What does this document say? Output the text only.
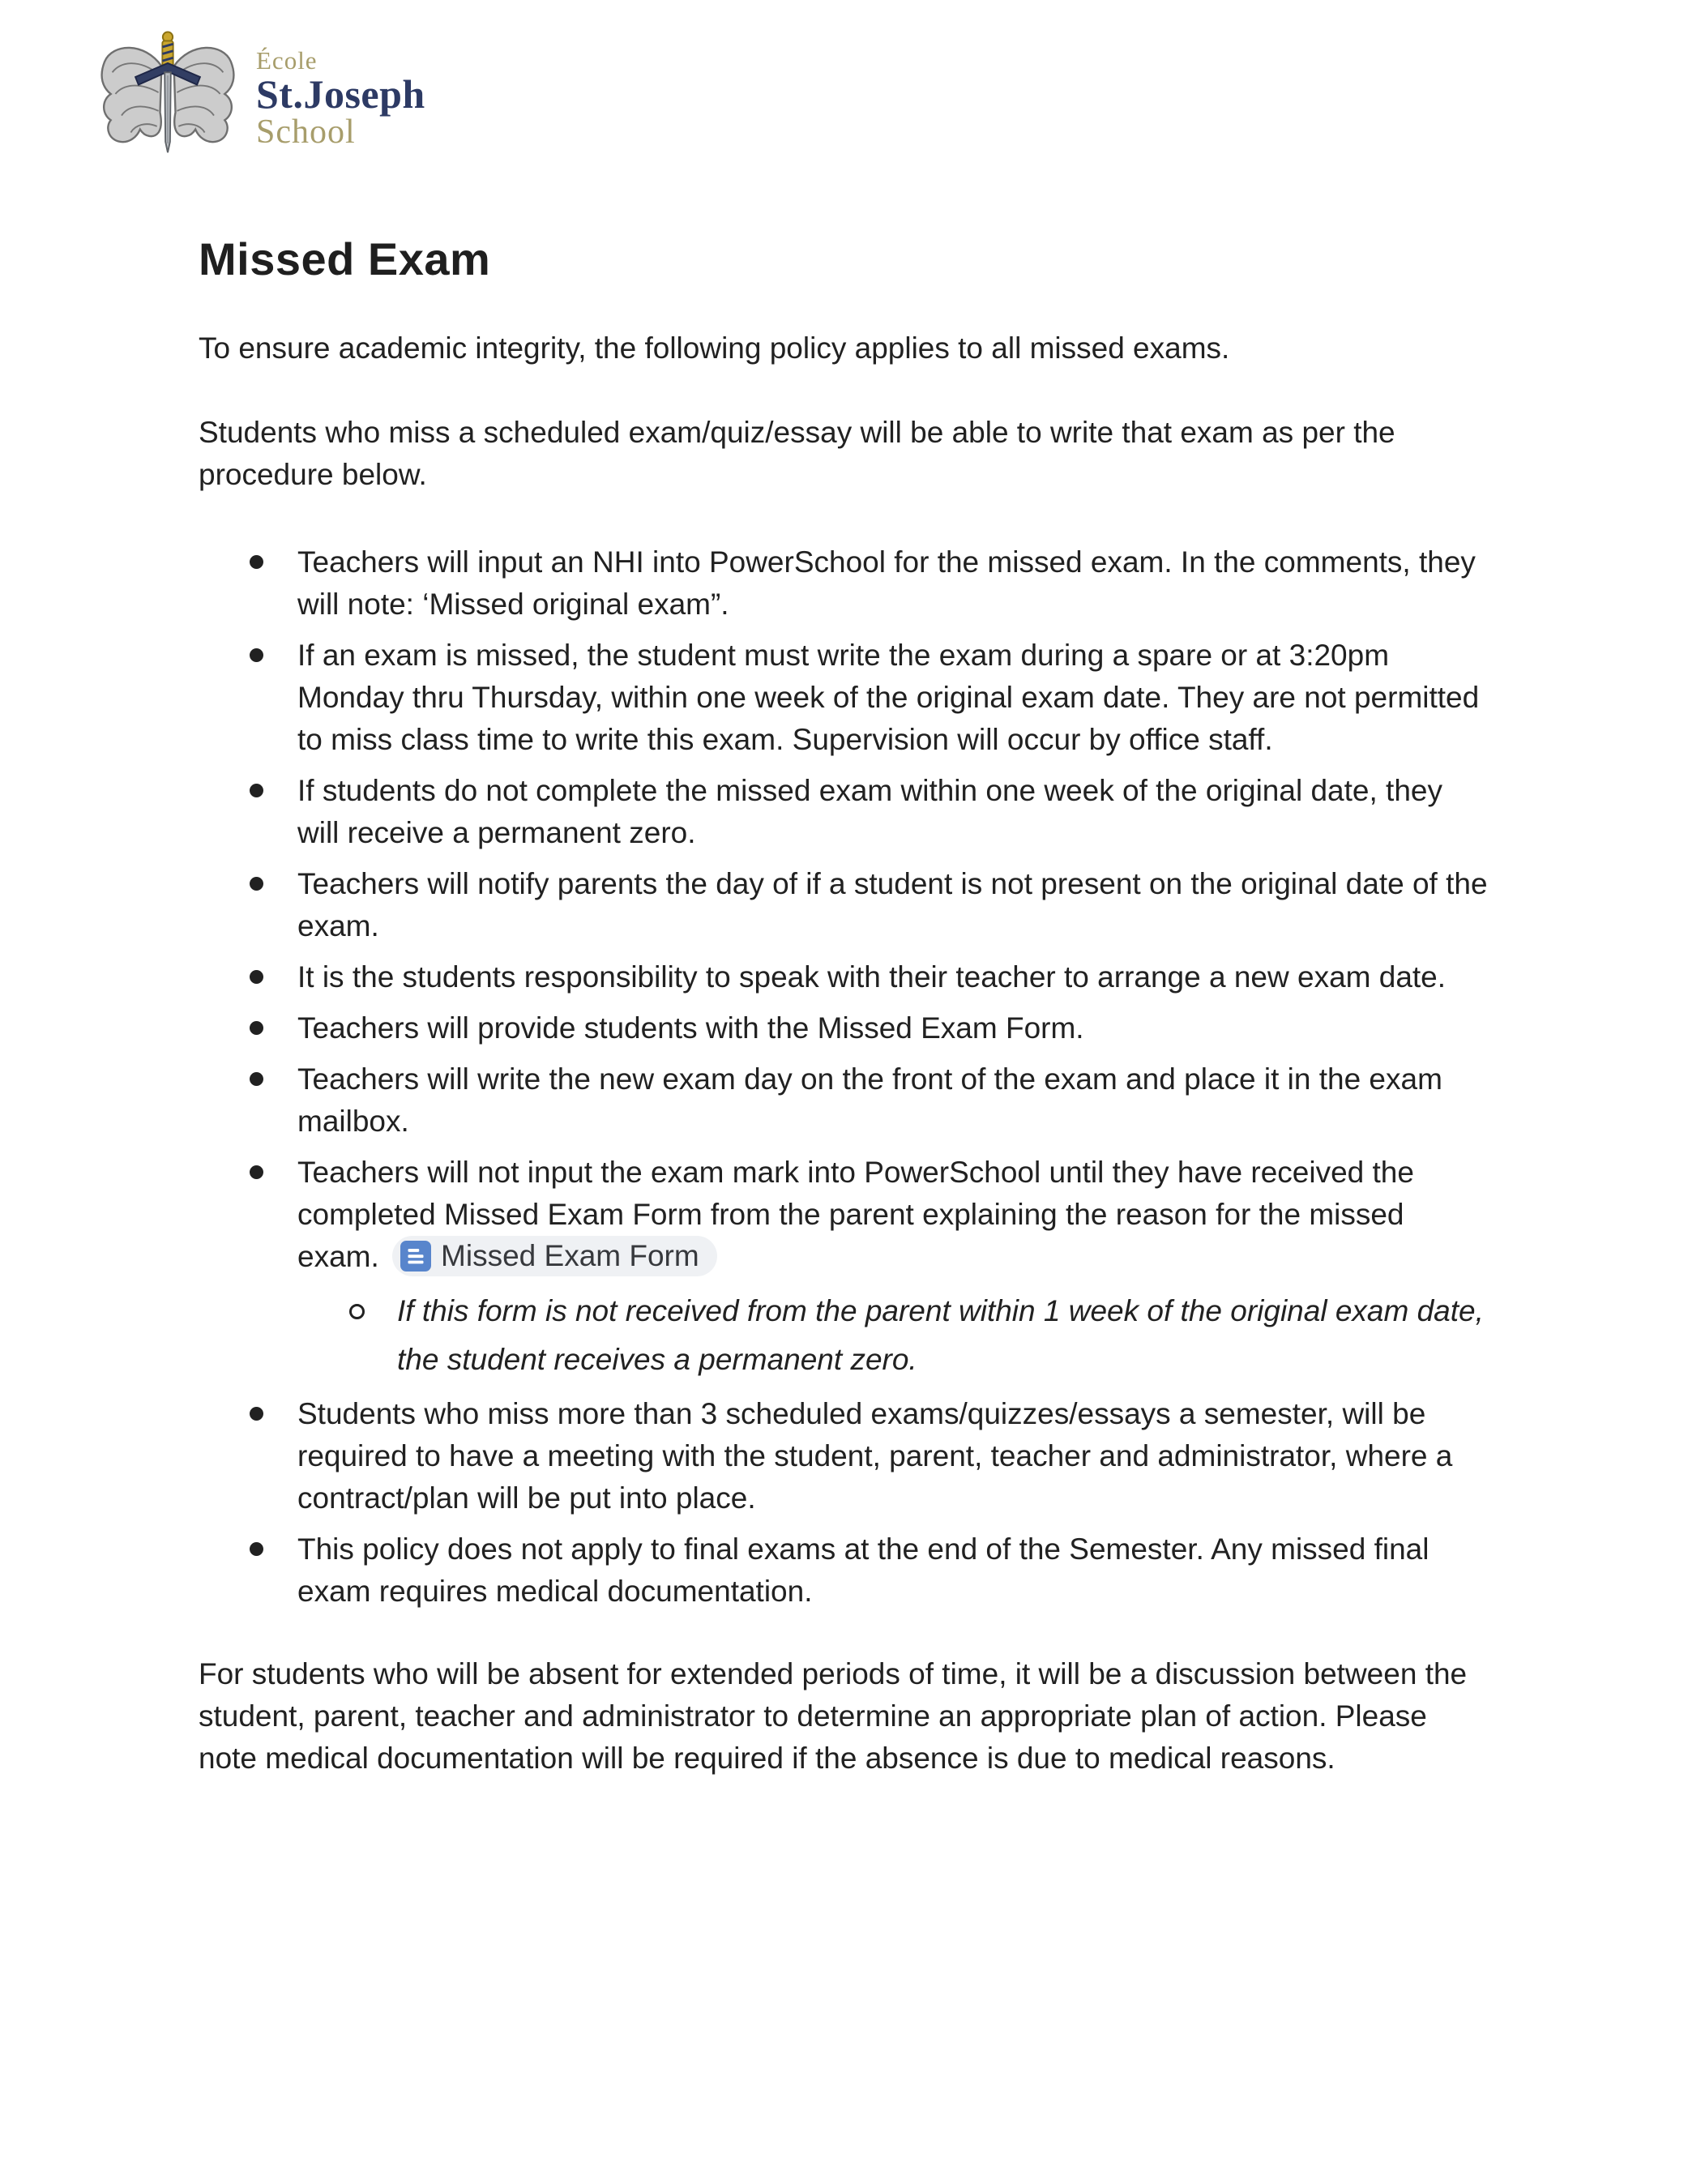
École
St.Joseph
School
Missed Exam

To ensure academic integrity, the following policy applies to all missed exams.

Students who miss a scheduled exam/quiz/essay will be able to write that exam as per the procedure below.

Teachers will input an NHI into PowerSchool for the missed exam. In the comments, they will note: ‘Missed original exam”.
If an exam is missed, the student must write the exam during a spare or at 3:20pm Monday thru Thursday, within one week of the original exam date. They are not permitted to miss class time to write this exam. Supervision will occur by office staff.
If students do not complete the missed exam within one week of the original date, they will receive a permanent zero.
Teachers will notify parents the day of if a student is not present on the original date of the exam.
It is the students responsibility to speak with their teacher to arrange a new exam date.
Teachers will provide students with the Missed Exam Form.
Teachers will write the new exam day on the front of the exam and place it in the exam mailbox.
Teachers will not input the exam mark into PowerSchool until they have received the completed Missed Exam Form from the parent explaining the reason for the missed exam. Missed Exam Form
If this form is not received from the parent within 1 week of the original exam date, the student receives a permanent zero.
Students who miss more than 3 scheduled exams/quizzes/essays a semester, will be required to have a meeting with the student, parent, teacher and administrator, where a contract/plan will be put into place.
This policy does not apply to final exams at the end of the Semester. Any missed final exam requires medical documentation.

For students who will be absent for extended periods of time, it will be a discussion between the student, parent, teacher and administrator to determine an appropriate plan of action. Please note medical documentation will be required if the absence is due to medical reasons.
